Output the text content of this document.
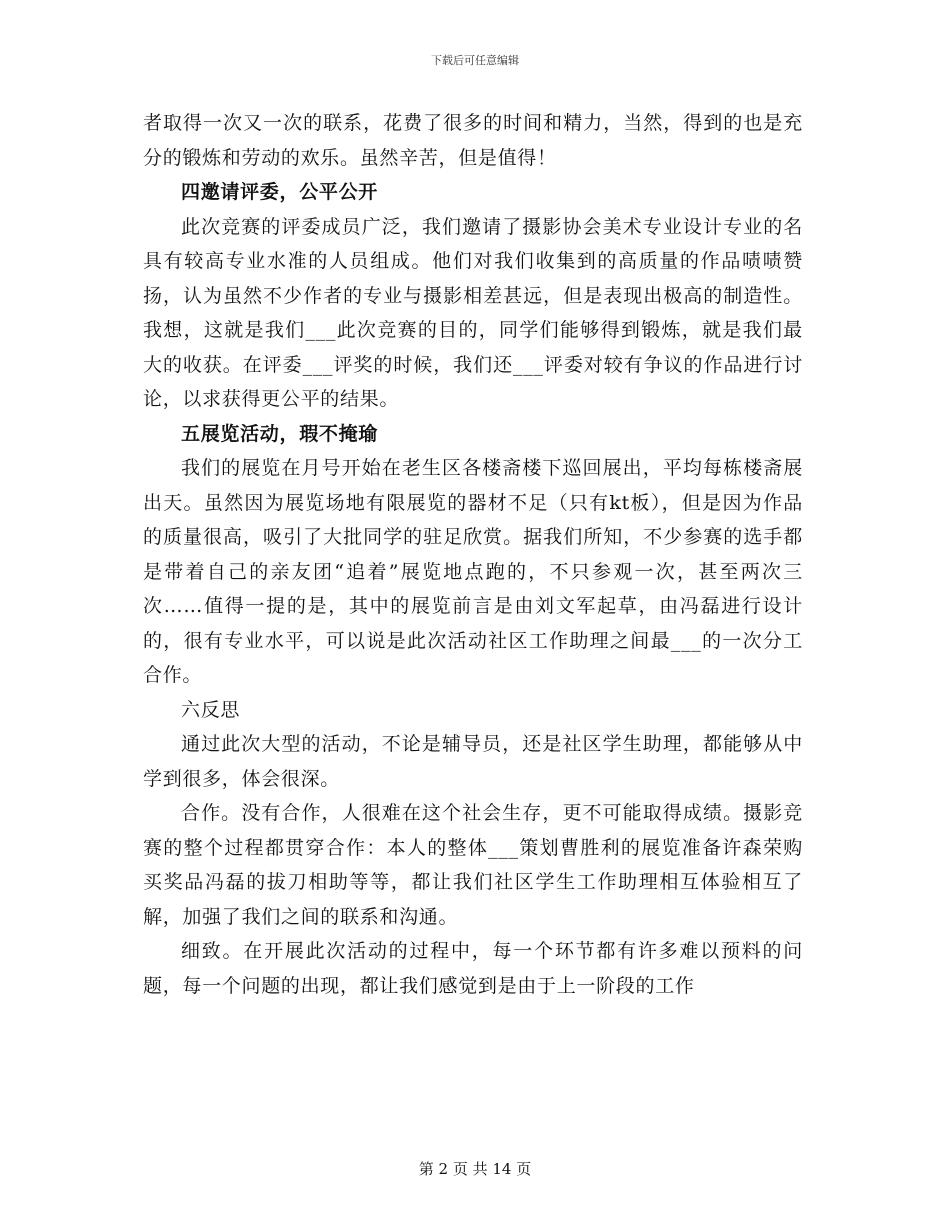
下载后可任意编辑

者取得一次又一次的联系，花费了很多的时间和精力，当然，得到的也是充分的锻炼和劳动的欢乐。虽然辛苦，但是值得！

四邀请评委，公平公开

此次竞赛的评委成员广泛，我们邀请了摄影协会美术专业设计专业的名具有较高专业水准的人员组成。他们对我们收集到的高质量的作品啧啧赞扬，认为虽然不少作者的专业与摄影相差甚远，但是表现出极高的制造性。我想，这就是我们___此次竞赛的目的，同学们能够得到锻炼，就是我们最大的收获。在评委___评奖的时候，我们还___评委对较有争议的作品进行讨论，以求获得更公平的结果。

五展览活动，瑕不掩瑜

我们的展览在月号开始在老生区各楼斋楼下巡回展出，平均每栋楼斋展出天。虽然因为展览场地有限展览的器材不足（只有kt板），但是因为作品的质量很高，吸引了大批同学的驻足欣赏。据我们所知，不少参赛的选手都是带着自己的亲友团“追着”展览地点跑的，不只参观一次，甚至两次三次……值得一提的是，其中的展览前言是由刘文军起草，由冯磊进行设计的，很有专业水平，可以说是此次活动社区工作助理之间最___的一次分工合作。

六反思

通过此次大型的活动，不论是辅导员，还是社区学生助理，都能够从中学到很多，体会很深。

合作。没有合作，人很难在这个社会生存，更不可能取得成绩。摄影竞赛的整个过程都贯穿合作：本人的整体___策划曹胜利的展览准备许森荣购买奖品冯磊的拔刀相助等等，都让我们社区学生工作助理相互体验相互了解，加强了我们之间的联系和沟通。

细致。在开展此次活动的过程中，每一个环节都有许多难以预料的问题，每一个问题的出现，都让我们感觉到是由于上一阶段的工作

第 2 页 共 14 页
